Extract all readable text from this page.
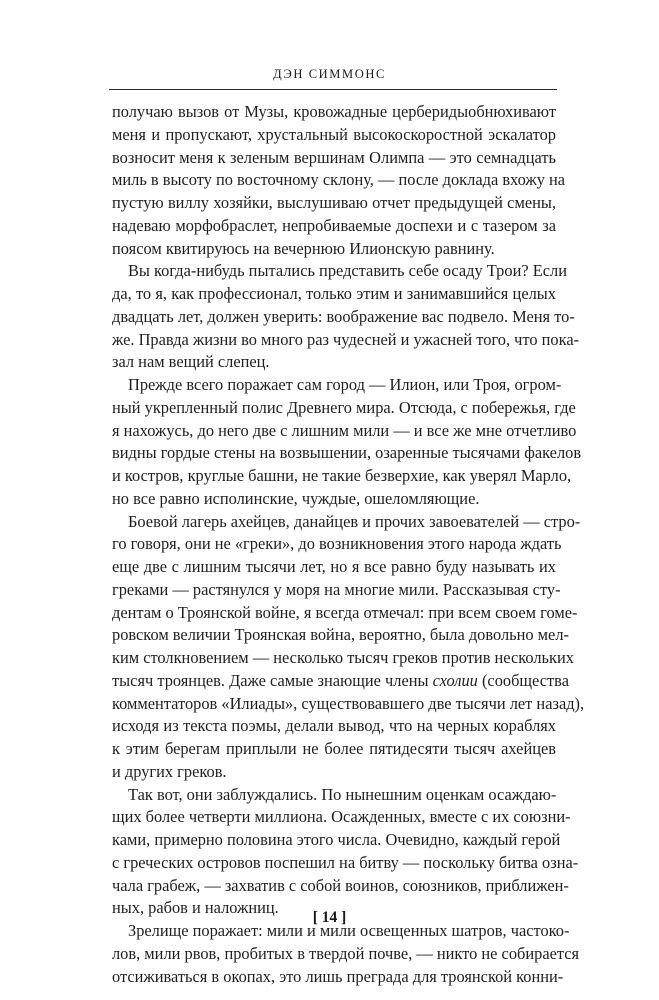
ДЭН СИММОНС
получаю вызов от Музы, кровожадные церберидыобнюхивают
меня и пропускают, хрустальный высокоскоростной эскалатор
возносит меня к зеленым вершинам Олимпа — это семнадцать
миль в высоту по восточному склону, — после доклада вхожу на
пустую виллу хозяйки, выслушиваю отчет предыдущей смены,
надеваю морфобраслет, непробиваемые доспехи и с тазером за
поясом квитируюсь на вечернюю Илионскую равнину.
Вы когда-нибудь пытались представить себе осаду Трои? Если
да, то я, как профессионал, только этим и занимавшийся целых
двадцать лет, должен уверить: воображение вас подвело. Меня то-
же. Правда жизни во много раз чудесней и ужасней того, что пока-
зал нам вещий слепец.
Прежде всего поражает сам город — Илион, или Троя, огром-
ный укрепленный полис Древнего мира. Отсюда, с побережья, где
я нахожусь, до него две с лишним мили — и все же мне отчетливо
видны гордые стены на возвышении, озаренные тысячами факелов
и костров, круглые башни, не такие безверхие, как уверял Марло,
но все равно исполинские, чуждые, ошеломляющие.
Боевой лагерь ахейцев, данайцев и прочих завоевателей — стро-
го говоря, они не «греки», до возникновения этого народа ждать
еще две с лишним тысячи лет, но я все равно буду называть их
греками — растянулся у моря на многие мили. Рассказывая сту-
дентам о Троянской войне, я всегда отмечал: при всем своем гоме-
ровском величии Троянская война, вероятно, была довольно мел-
ким столкновением — несколько тысяч греков против нескольких
тысяч троянцев. Даже самые знающие члены схолии (сообщества
комментаторов «Илиады», существовавшего две тысячи лет назад),
исходя из текста поэмы, делали вывод, что на черных кораблях
к этим берегам приплыли не более пятидесяти тысяч ахейцев
и других греков.
Так вот, они заблуждались. По нынешним оценкам осаждаю-
щих более четверти миллиона. Осажденных, вместе с их союзни-
ками, примерно половина этого числа. Очевидно, каждый герой
с греческих островов поспешил на битву — поскольку битва озна-
чала грабеж, — захватив с собой воинов, союзников, приближен-
ных, рабов и наложниц.
Зрелище поражает: мили и мили освещенных шатров, частоко-
лов, мили рвов, пробитых в твердой почве, — никто не собирается
отсиживаться в окопах, это лишь преграда для троянской конни-
[ 14 ]
